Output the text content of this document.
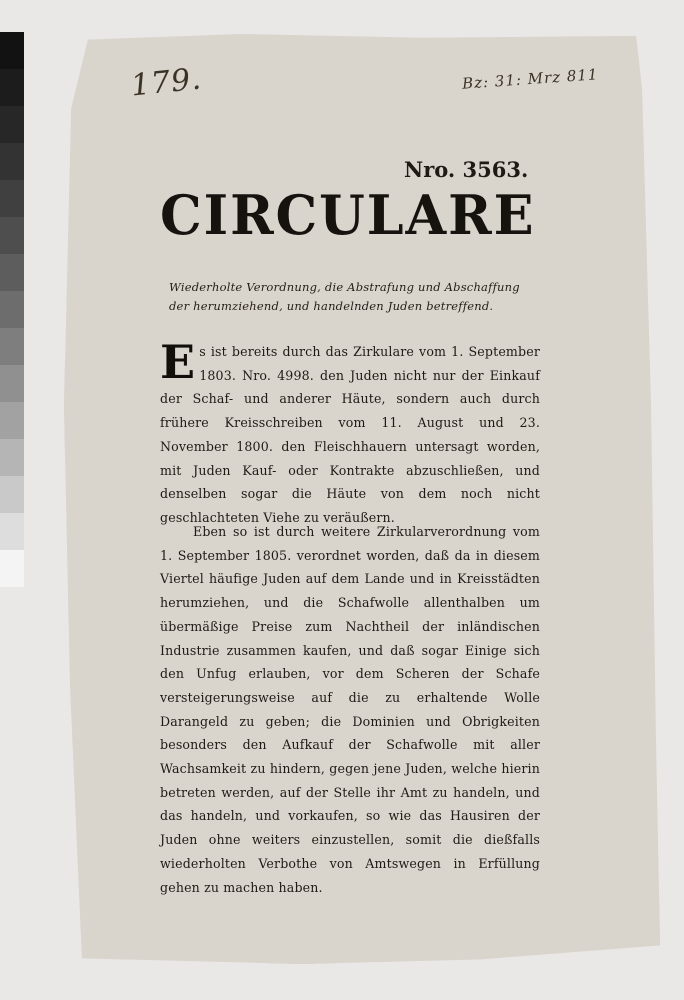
179.	Bz: 31: Mrz 811
Nro. 3563.
CIRCULARE
Wiederholte Verordnung, die Abstrafung und Abschaffung der herumziehend, und handelnden Juden betreffend.
Es ist bereits durch das Zirkulare vom 1. September 1803. Nro. 4998. den Juden nicht nur der Einkauf der Schaf- und anderer Häute, sondern auch durch frühere Kreisschreiben vom 11. August und 23. November 1800. den Fleischhauern untersagt worden, mit Juden Kauf- oder Kontrakte abzuschließen, und denselben sogar die Häute von dem noch nicht geschlachteten Viehe zu veräußern.
Eben so ist durch weitere Zirkularverordnung vom 1. September 1805. verordnet worden, daß da in diesem Viertel häufige Juden auf dem Lande und in Kreisstädten herumziehen, und die Schafwolle allenthalben um übermäßige Preise zum Nachtheil der inländischen Industrie zusammen kaufen, und daß sogar Einige sich den Unfug erlauben, vor dem Scheren der Schafe versteigerungsweise auf die zu erhaltende Wolle Darangeld zu geben; die Dominien und Obrigkeiten besonders den Aufkauf der Schafwolle mit aller Wachsamkeit zu hindern, gegen jene Juden, welche hierin betreten werden, auf der Stelle ihr Amt zu handeln, und das handeln, und vorkaufen, so wie das Hausiren der Juden ohne weiters einzustellen, somit die dießfalls wiederholten Verbothe von Amtswegen in Erfüllung gehen zu machen haben.
